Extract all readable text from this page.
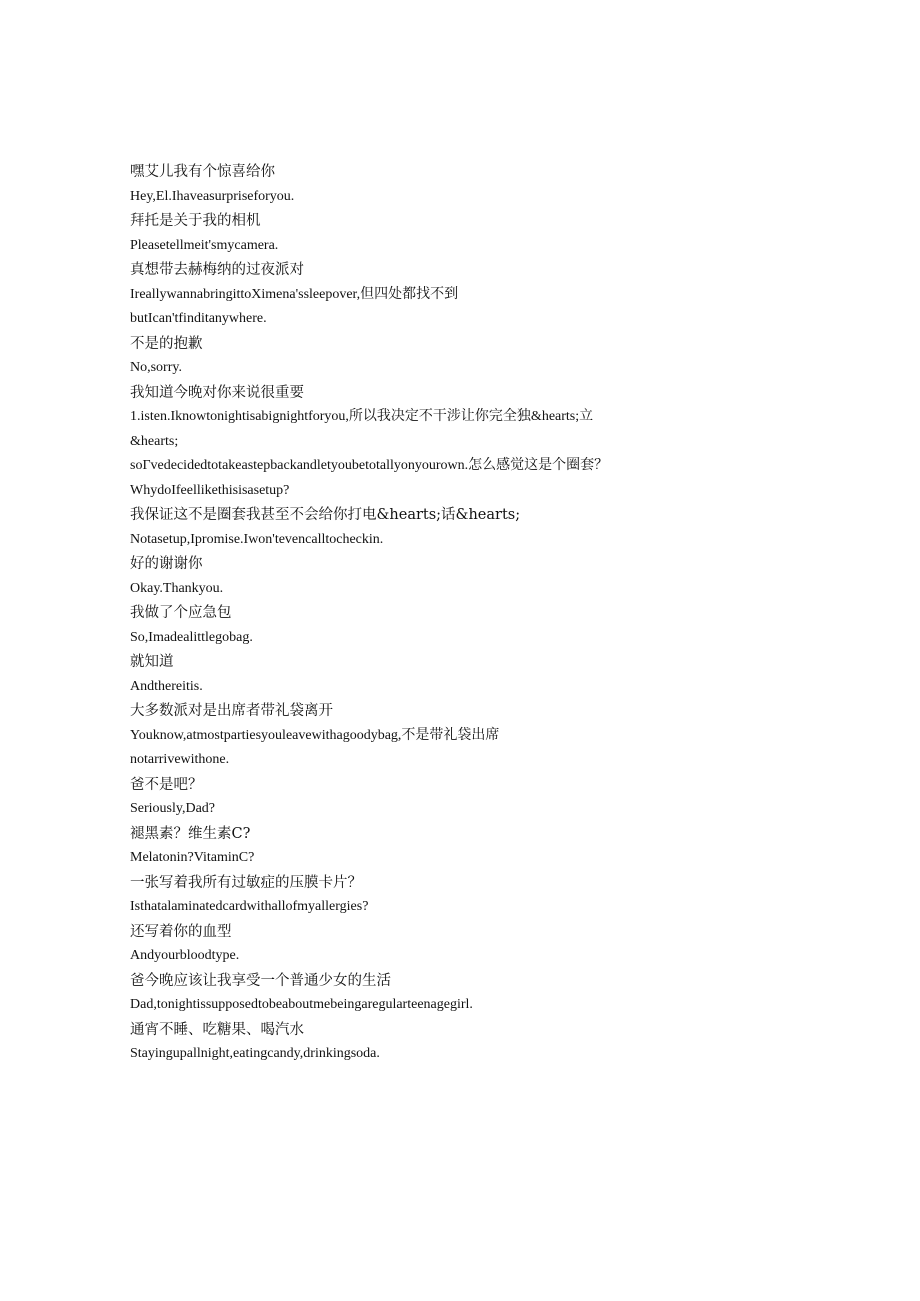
嘿艾儿我有个惊喜给你
Hey,El.Ihaveasurpriseforyou.
拜托是关于我的相机
Pleasetellmeit'smycamera.
真想带去赫梅纳的过夜派对
IreallywannabringittoXimena'ssleepover,但四处都找不到
butIcan'tfinditanywhere.
不是的抱歉
No,sorry.
我知道今晚对你来说很重要
1.isten.Iknowtonightisabignightforyou,所以我决定不干涉让你完全独&hearts;立
&hearts;
soΓvedecidedtotakeastepbackandletyoubetotallyonyourown.怎么感觉这是个圈套？
WhydoIfeellikethisisasetup?
我保证这不是圈套我甚至不会给你打电&hearts;话&hearts;
Notasetup,Ipromise.Iwon'tevencalltocheckin.
好的谢谢你
Okay.Thankyou.
我做了个应急包
So,Imadealittlegobag.
就知道
Andthereitis.
大多数派对是出席者带礼袋离开
Youknow,atmostpartiesyouleavewithagoodybag,不是带礼袋出席
notarrivewithone.
爸不是吧？
Seriously,Dad?
褪黑素？维生素C?
Melatonin?VitaminC?
一张写着我所有过敏症的压膜卡片？
Isthatalaminatedcardwithallofmyallergies?
还写着你的血型
Andyourbloodtype.
爸今晚应该让我享受一个普通少女的生活
Dad,tonightissupposedtobeaboutmebeingaregularteenagegirl.
通宵不睡、吃糖果、喝汽水
Stayingupallnight,eatingcandy,drinkingsoda.
